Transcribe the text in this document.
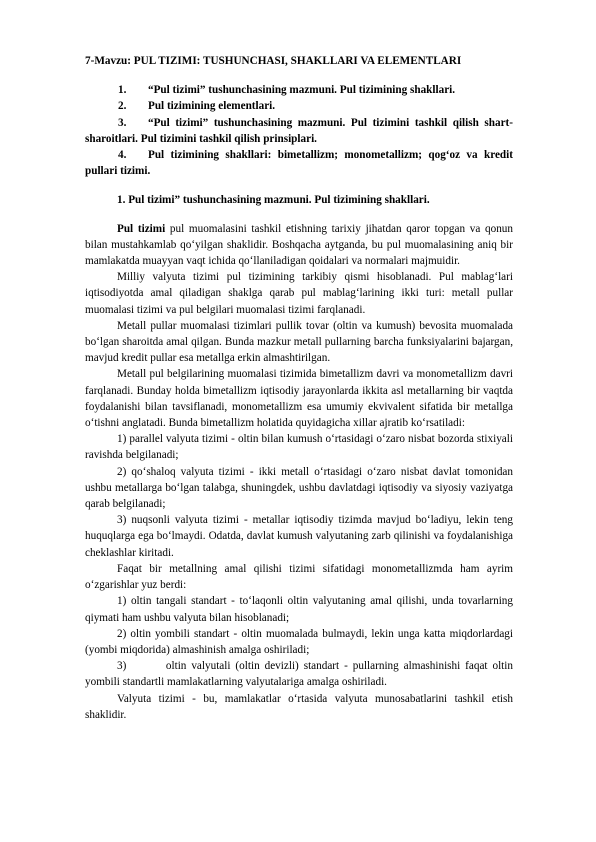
7-Mavzu: PUL TIZIMI: TUSHUNCHASI, SHAKLLARI VA ELEMENTLARI

1. “Pul tizimi” tushunchasining mazmuni. Pul tizimining shakllari.

2. Pul tizimining elementlari.

3. “Pul tizimi” tushunchasining mazmuni. Pul tizimini tashkil qilish shart-sharoitlari. Pul tizimini tashkil qilish prinsiplari.

4. Pul tizimining shakllari: bimetallizm; monometallizm; qog‘oz va kredit pullari tizimi.

1. Pul tizimi” tushunchasining mazmuni. Pul tizimining shakllari.

Pul tizimi pul muomalasini tashkil etishning tarixiy jihatdan qaror topgan va qonun bilan mustahkamlab qo‘yilgan shaklidir. Boshqacha aytganda, bu pul muomalasining aniq bir mamlakatda muayyan vaqt ichida qo‘llaniladigan qoidalari va normalari majmuidir.

Milliy valyuta tizimi pul tizimining tarkibiy qismi hisoblanadi. Pul mablag‘lari iqtisodiyotda amal qiladigan shaklga qarab pul mablag‘larining ikki turi: metall pullar muomalasi tizimi va pul belgilari muomalasi tizimi farqlanadi.

Metall pullar muomalasi tizimlari pullik tovar (oltin va kumush) bevosita muomalada bo‘lgan sharoitda amal qilgan. Bunda mazkur metall pullarning barcha funksiyalarini bajargan, mavjud kredit pullar esa metallga erkin almashtirilgan.

Metall pul belgilarining muomalasi tizimida bimetallizm davri va monometallizm davri farqlanadi. Bunday holda bimetallizm iqtisodiy jarayonlarda ikkita asl metallarning bir vaqtda foydalanishi bilan tavsiflanadi, monometallizm esa umumiy ekvivalent sifatida bir metallga o‘tishni anglatadi. Bunda bimetallizm holatida quyidagicha xillar ajratib ko‘rsatiladi:

1) parallel valyuta tizimi - oltin bilan kumush o‘rtasidagi o‘zaro nisbat bozorda stixiyali ravishda belgilanadi;

2) qo‘shaloq valyuta tizimi - ikki metall o‘rtasidagi o‘zaro nisbat davlat tomonidan ushbu metallarga bo‘lgan talabga, shuningdek, ushbu davlatdagi iqtisodiy va siyosiy vaziyatga qarab belgilanadi;

3) nuqsonli valyuta tizimi - metallar iqtisodiy tizimda mavjud bo‘ladiyu, lekin teng huquqlarga ega bo‘lmaydi. Odatda, davlat kumush valyutaning zarb qilinishi va foydalanishiga cheklashlar kiritadi.

Faqat bir metallning amal qilishi tizimi sifatidagi monometallizmda ham ayrim o‘zgarishlar yuz berdi:

1) oltin tangali standart - to‘laqonli oltin valyutaning amal qilishi, unda tovarlarning qiymati ham ushbu valyuta bilan hisoblanadi;

2) oltin yombili standart - oltin muomalada bulmaydi, lekin unga katta miqdorlardagi (yombi miqdorida) almashinish amalga oshiriladi;

3)        oltin valyutali (oltin devizli) standart - pullarning almashinishi faqat oltin yombili standartli mamlakatlarning valyutalariga amalga oshiriladi.

Valyuta tizimi - bu, mamlakatlar o‘rtasida valyuta munosabatlarini tashkil etish shaklidir.
